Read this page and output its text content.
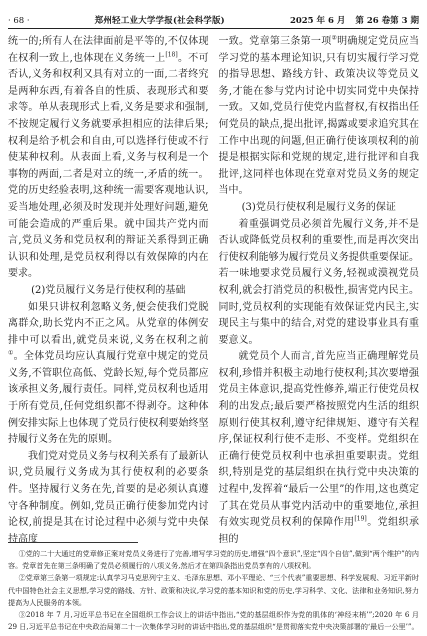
· 68 ·	郑州轻工业大学学报(社会科学版)	2025 年 6 月 第 26 卷第 3 期

统一的;所有人在法律面前是平等的,不仅体现在权利一致上,也体现在义务统一上[18]。不可否认,义务和权利又具有对立的一面,二者终究是两种东西,有着各自的性质、表现形式和要求等。单从表现形式上看,义务是要求和强制,不按规定履行义务就要承担相应的法律后果;权利是给予机会和自由,可以选择行使或不行使某种权利。从表面上看,义务与权利是一个事物的两面,二者是对立的统一,矛盾的统一。党的历史经验表明,这种统一需要客观地认识,妥当地处理,必须及时发现并处理好问题,避免可能会造成的严重后果。就中国共产党内而言,党员义务和党员权利的辩证关系得到正确认识和处理,是党员权利得以有效保障的内在要求。

(2)党员履行义务是行使权利的基础

如果只讲权利忽略义务,便会使我们党脱离群众,助长党内不正之风。从党章的体例安排中可以看出,就党员来说,义务在权利之前①。全体党员均应认真履行党章中规定的党员义务,不管职位高低、党龄长短,每个党员都应该承担义务,履行责任。同样,党员权利也适用于所有党员,任何党组织都不得剥夺。这种体例安排实际上也体现了党员行使权利要始终坚持履行义务在先的原则。

我们党对党员义务与权利关系有了最新认识,党员履行义务成为其行使权利的必要条件。坚持履行义务在先,首要的是必须认真遵守各种制度。例如,党员正确行使参加党内讨论权,前提是其在讨论过程中必须与党中央保持高度

一致。党章第三条第一项②明确规定党员应当学习党的基本理论知识,只有切实履行学习党的指导思想、路线方针、政策决议等党员义务,才能在参与党内讨论中切实同党中央保持一致。又如,党员行使党内监督权,有权指出任何党员的缺点,提出批评,揭露或要求追究其在工作中出现的问题,但正确行使该项权利的前提是根据实际和党规的规定,进行批评和自我批评,这同样也体现在党章对党员义务的规定当中。

(3)党员行使权利是履行义务的保证

着重强调党员必须首先履行义务,并不是否认或降低党员权利的重要性,而是再次突出行使权利能够为履行党员义务提供重要保证。若一味地要求党员履行义务,轻视或漠视党员权利,就会打消党员的积极性,损害党内民主。同时,党员权利的实现能有效保证党内民主,实现民主与集中的结合,对党的建设事业具有重要意义。

就党员个人而言,首先应当正确理解党员权利,珍惜并积极主动地行使权利;其次要增强党员主体意识,提高党性修养,端正行使党员权利的出发点;最后要严格按照党内生活的组织原则行使其权利,遵守纪律规矩、遵守有关程序,保证权利行使不走形、不变样。党组织在正确行使党员权利中也承担重要职责。党组织,特别是党的基层组织在执行党中央决策的过程中,发挥着“最后一公里”的作用,这也奠定了其在党员从事党内活动中的重要地位,承担有效实现党员权利的保障作用[19]。党组织承担的

①党的二十大通过的党章修正案对党员义务进行了完善,增写学习党的历史,增强“四个意识”,坚定“四个自信”,做到“两个维护”的内容。党章首先在第三条明确了党员必须履行的八项义务,然后才在第四条指出党员享有的八项权利。

②党章第三条第一项规定:认真学习马克思列宁主义、毛泽东思想、邓小平理论、“三个代表”重要思想、科学发展观、习近平新时代中国特色社会主义思想,学习党的路线、方针、政策和决议,学习党的基本知识和党的历史,学习科学、文化、法律和业务知识,努力提高为人民服务的本领。

③2018 年 7 月,习近平总书记在全国组织工作会议上的讲话中指出,“党的基层组织作为党的肌体的‘神经末梢’”;2020 年 6 月 29 日,习近平总书记在中央政治局第二十一次集体学习时的讲话中指出,党的基层组织“是贯彻落实党中央决策部署的‘最后一公里’”。
